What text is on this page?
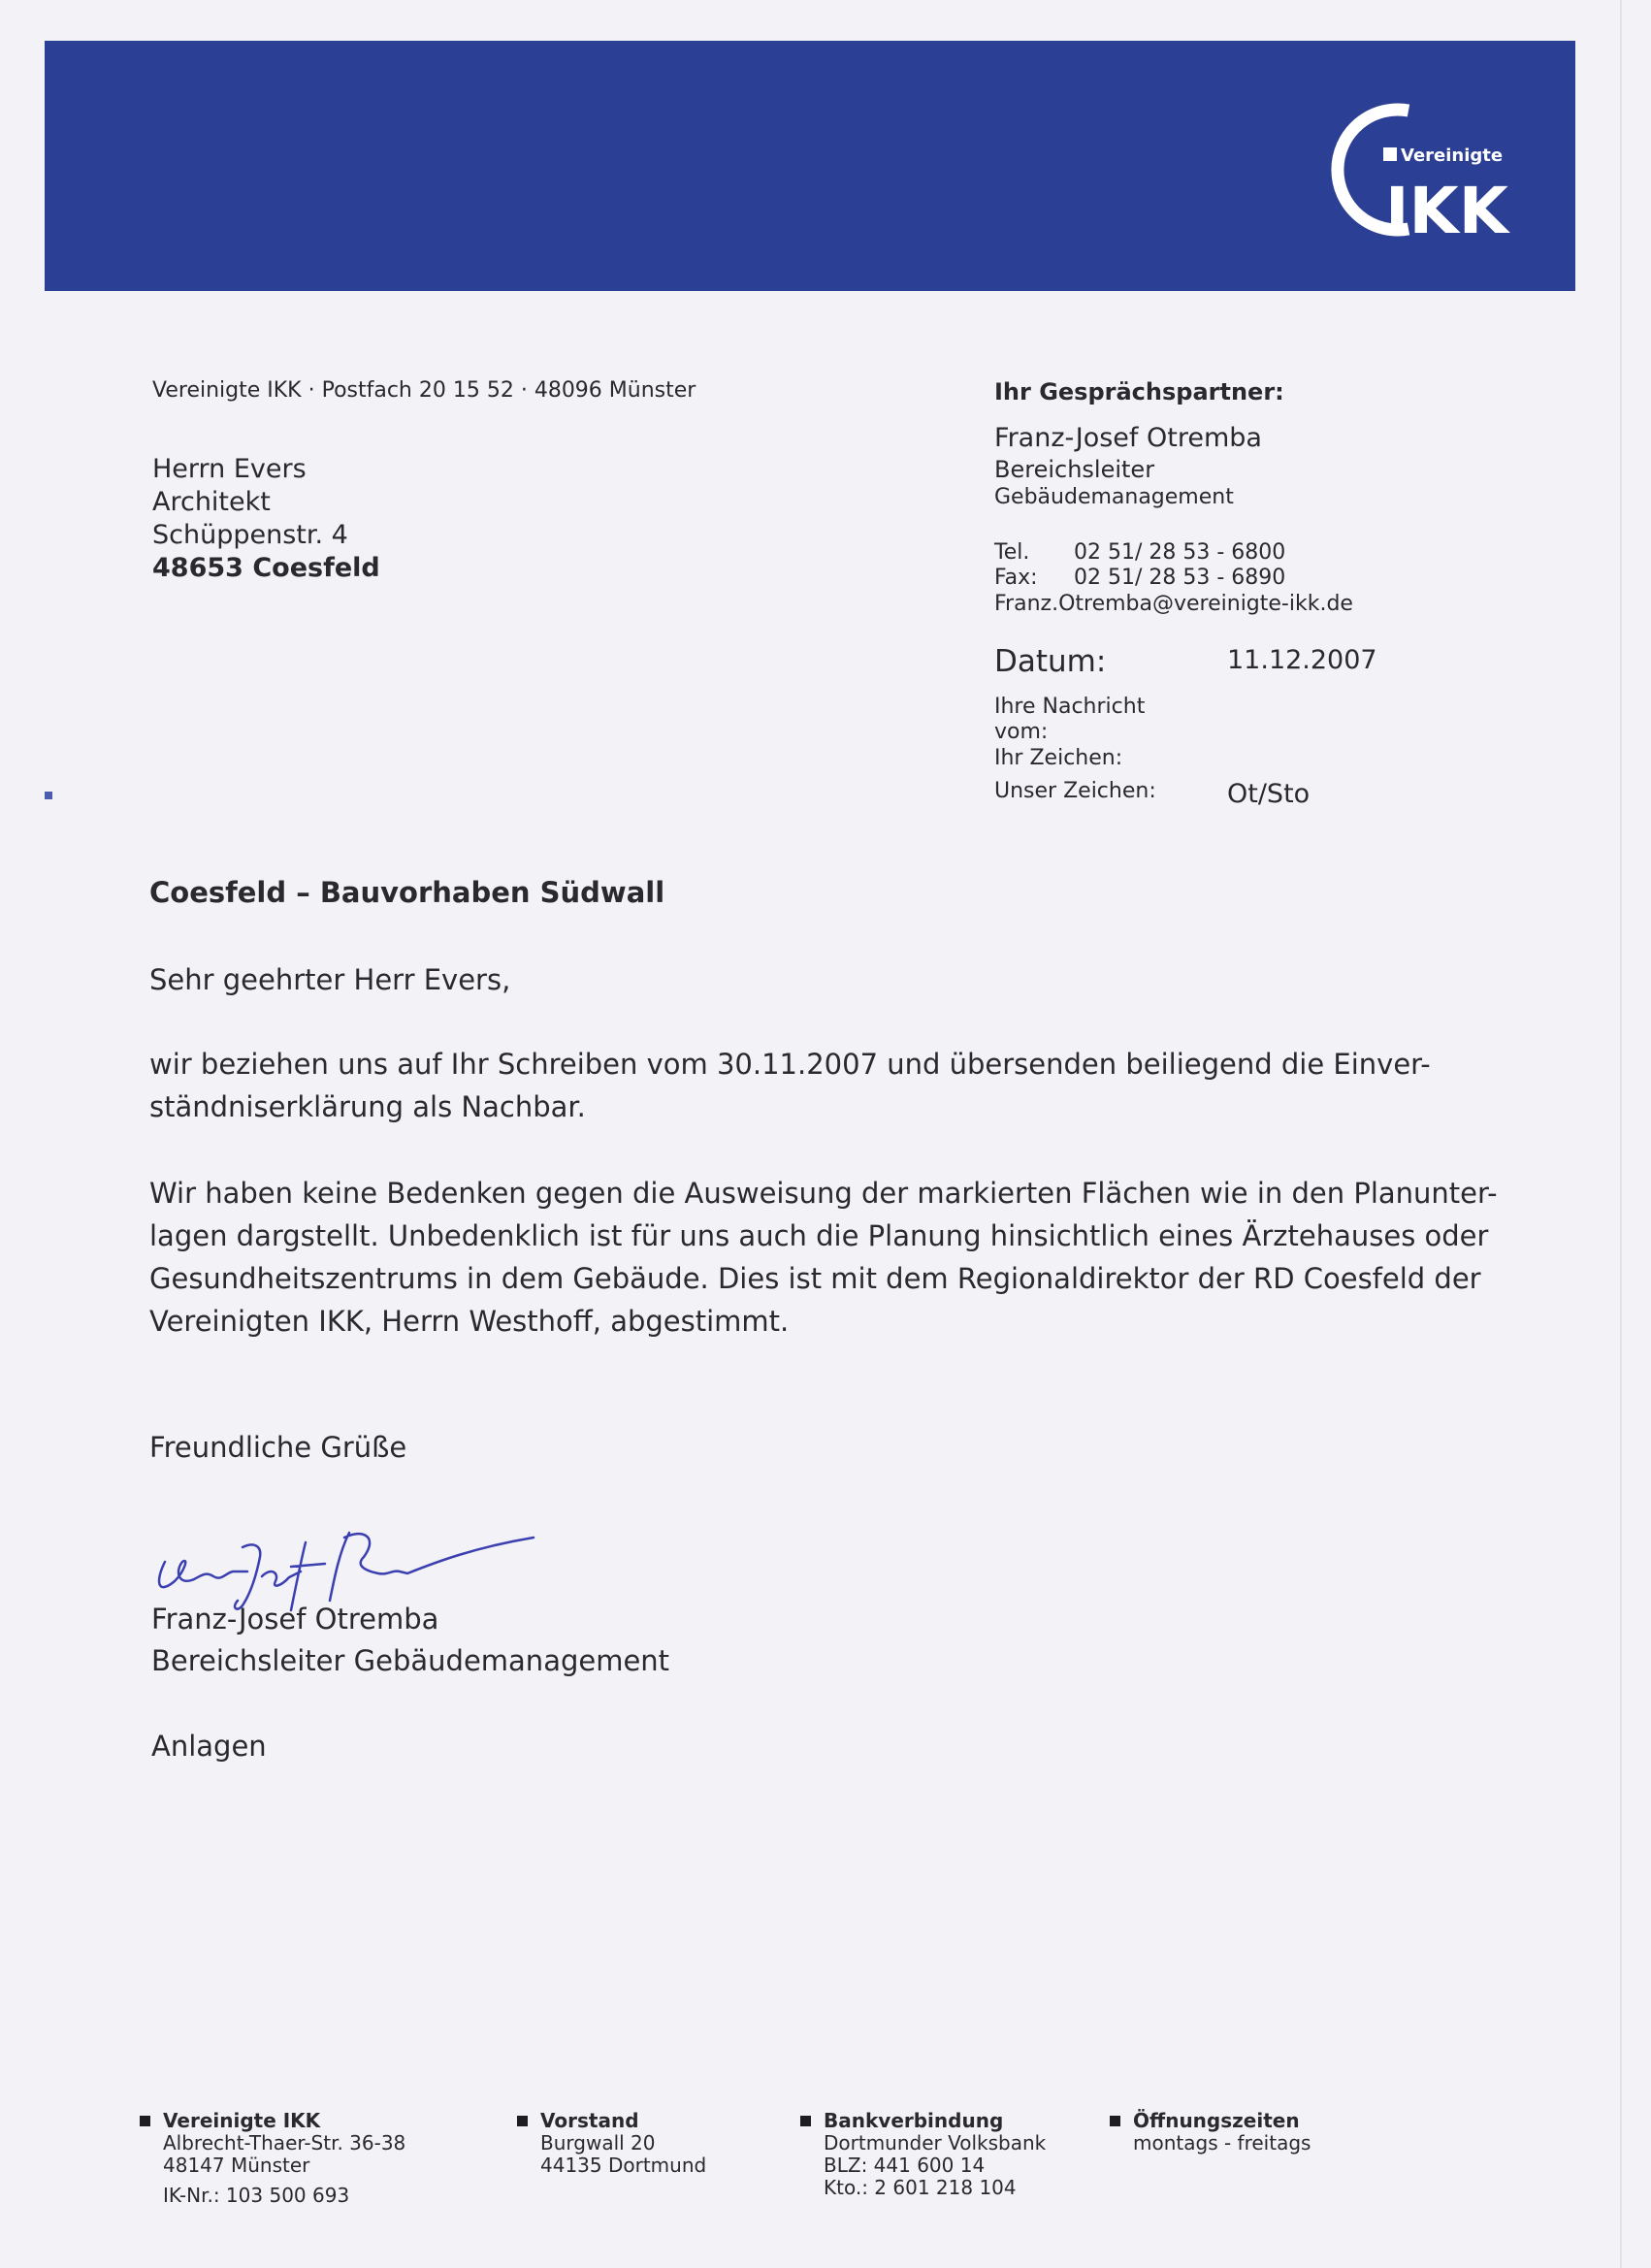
Vereinigte
IKK
Vereinigte IKK · Postfach 20 15 52 · 48096 Münster
Herrn Evers
Architekt
Schüppenstr. 4
48653 Coesfeld
Ihr Gesprächspartner:
Franz-Josef Otremba
Bereichsleiter
Gebäudemanagement
Tel. 02 51/ 28 53 - 6800
Fax: 02 51/ 28 53 - 6890
Franz.Otremba@vereinigte-ikk.de
Datum:	11.12.2007
Ihre Nachricht
vom:
Ihr Zeichen:
Unser Zeichen:	Ot/Sto
Coesfeld – Bauvorhaben Südwall
Sehr geehrter Herr Evers,
wir beziehen uns auf Ihr Schreiben vom 30.11.2007 und übersenden beiliegend die Einver-
ständniserklärung als Nachbar.
Wir haben keine Bedenken gegen die Ausweisung der markierten Flächen wie in den Planunter-
lagen dargstellt. Unbedenklich ist für uns auch die Planung hinsichtlich eines Ärztehauses oder
Gesundheitszentrums in dem Gebäude. Dies ist mit dem Regionaldirektor der RD Coesfeld der
Vereinigten IKK, Herrn Westhoff, abgestimmt.
Freundliche Grüße
Franz-Josef Otremba
Bereichsleiter Gebäudemanagement
Anlagen
Vereinigte IKK
Albrecht-Thaer-Str. 36-38
48147 Münster
IK-Nr.: 103 500 693
Vorstand
Burgwall 20
44135 Dortmund
Bankverbindung
Dortmunder Volksbank
BLZ: 441 600 14
Kto.: 2 601 218 104
Öffnungszeiten
montags - freitags
